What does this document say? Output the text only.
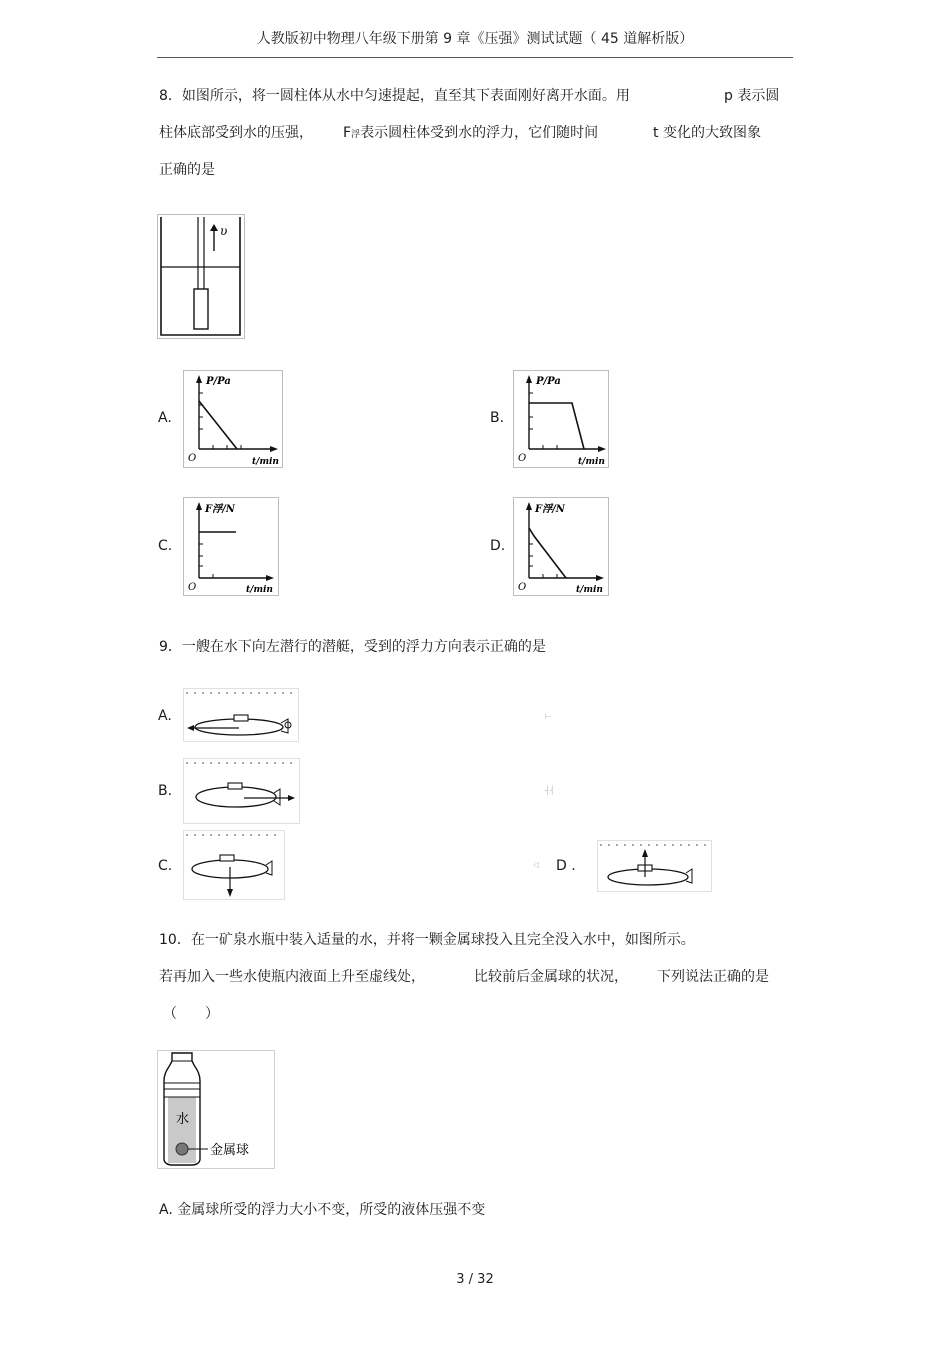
人教版初中物理八年级下册第 9 章《压强》测试试题（ 45 道解析版）
8．如图所示，将一圆柱体从水中匀速提起，直至其下表面刚好离开水面。用	p 表示圆
柱体底部受到水的压强， F浮表示圆柱体受到水的浮力，它们随时间	t 变化的大致图象
正确的是
υ
A.
P/Pa
t/min
O
B.
P/Pa
t/min
O
C.
F浮/N
t/min
O
D.
F浮/N
t/min
O
9．一艘在水下向左潜行的潜艇，受到的浮力方向表示正确的是
A.	⊢
B.	┤┤
C.	◁ D .
10．在一矿泉水瓶中装入适量的水，并将一颗金属球投入且完全没入水中，如图所示。
若再加入一些水使瓶内液面上升至虚线处，	比较前后金属球的状况， 下列说法正确的是
（　　）
水
金属球
A. 金属球所受的浮力大小不变，所受的液体压强不变
3 / 32
